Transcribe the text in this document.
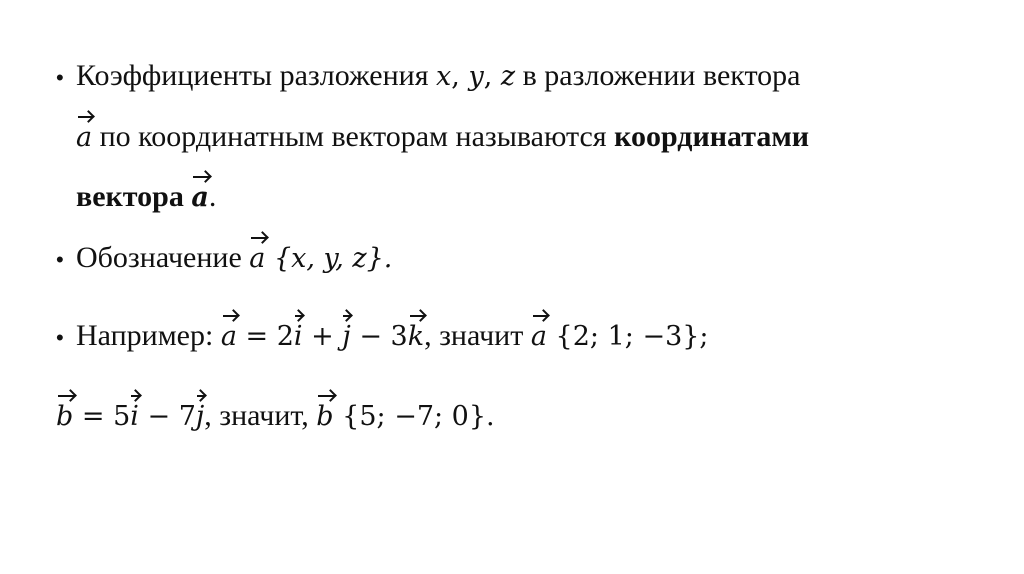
• Коэффициенты разложения x, y, z в разложении вектора
a по координатным векторам называются координатами
вектора a.
• Обозначение a {x, y, z}.
• Например: a = 2i + j − 3k, значит a {2; 1; −3};
b = 5i − 7j, значит, b {5; −7; 0}.
